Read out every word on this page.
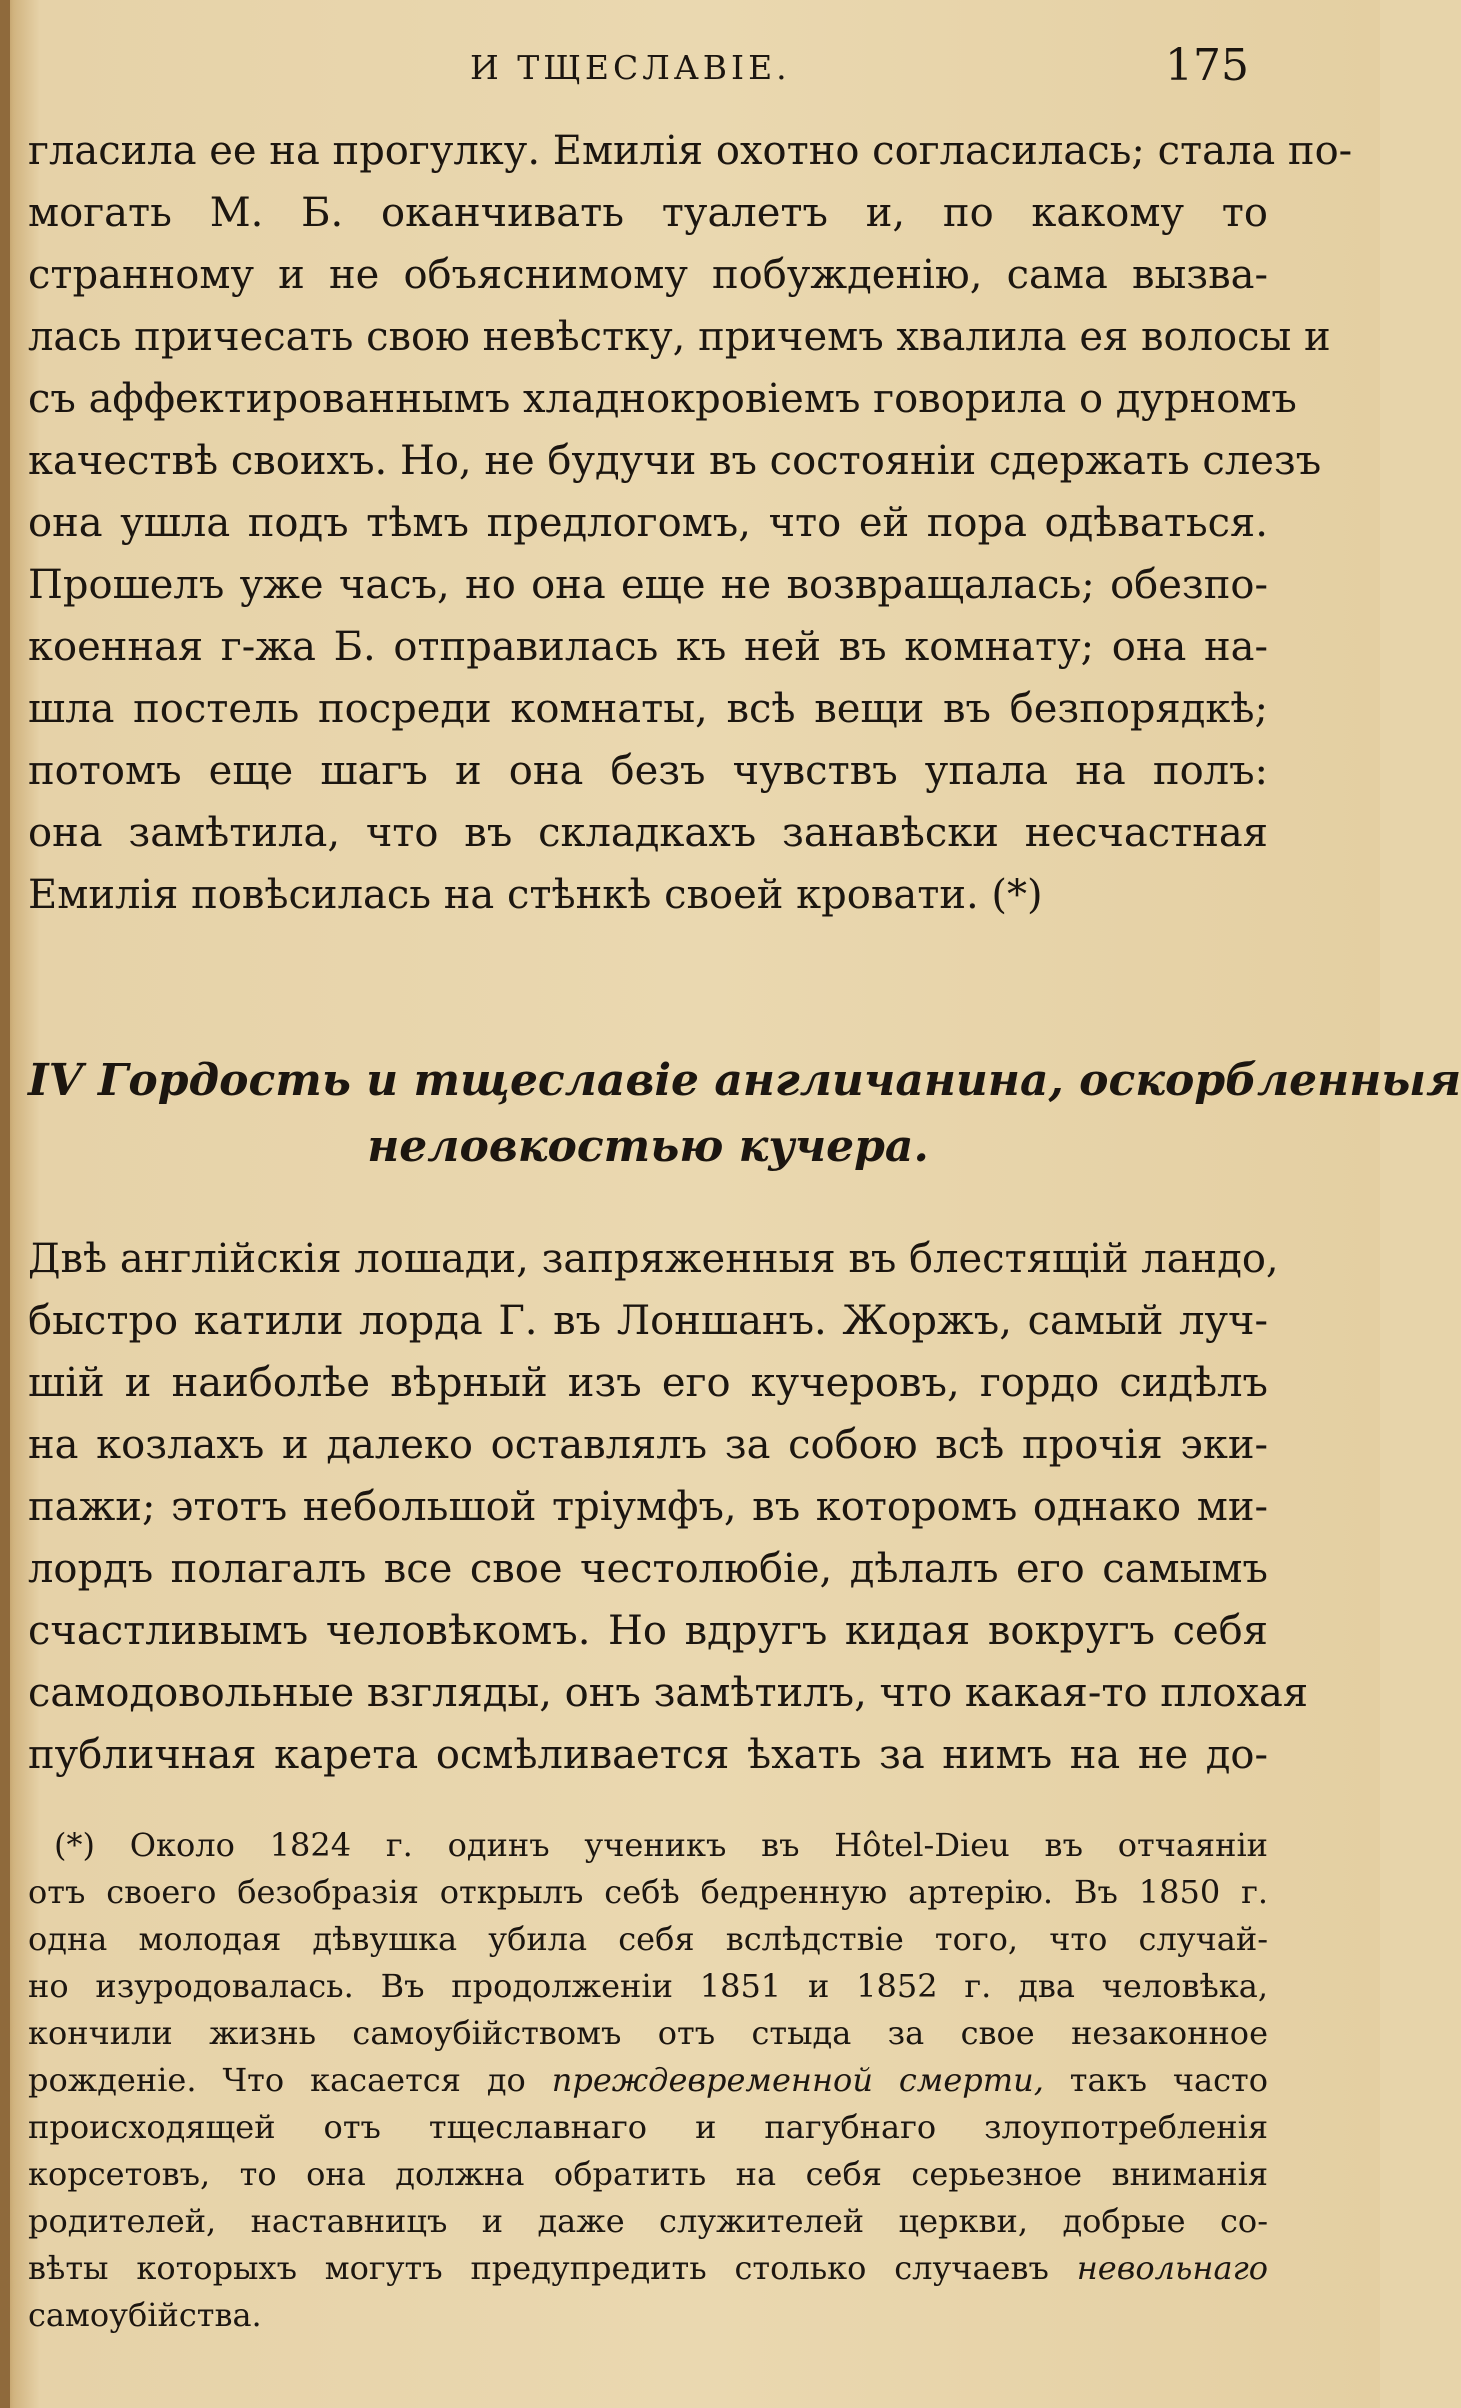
И ТЩЕСЛАВІЕ.	175
гласила ее на прогулку. Емилія охотно согласилась; стала по-
могать М. Б. оканчивать туалетъ и, по какому то
странному и не объяснимому побужденію, сама вызва-
лась причесать свою невѣстку, причемъ хвалила ея волосы и
съ аффектированнымъ хладнокровіемъ говорила о дурномъ
качествѣ своихъ. Но, не будучи въ состояніи сдержать слезъ
она ушла подъ тѣмъ предлогомъ, что ей пора одѣваться.
Прошелъ уже часъ, но она еще не возвращалась; обезпо-
коенная г-жа Б. отправилась къ ней въ комнату; она на-
шла постель посреди комнаты, всѣ вещи въ безпорядкѣ;
потомъ еще шагъ и она безъ чувствъ упала на полъ:
она замѣтила, что въ складкахъ занавѣски несчастная
Емилія повѣсилась на стѣнкѣ своей кровати. (*)
IV Гордость и тщеславіе англичанина, оскорбленныя
неловкостью кучера.
Двѣ англійскія лошади, запряженныя въ блестящій ландо,
быстро катили лорда Г. въ Лоншанъ. Жоржъ, самый луч-
шій и наиболѣе вѣрный изъ его кучеровъ, гордо сидѣлъ
на козлахъ и далеко оставлялъ за собою всѣ прочія эки-
пажи; этотъ небольшой тріумфъ, въ которомъ однако ми-
лордъ полагалъ все свое честолюбіе, дѣлалъ его самымъ
счастливымъ человѣкомъ. Но вдругъ кидая вокругъ себя
самодовольные взгляды, онъ замѣтилъ, что какая-то плохая
публичная карета осмѣливается ѣхать за нимъ на не до-
(*) Около 1824 г. одинъ ученикъ въ Hôtel-Dieu въ отчаяніи
отъ своего безобразія открылъ себѣ бедренную артерію. Въ 1850 г.
одна молодая дѣвушка убила себя вслѣдствіе того, что случай-
но изуродовалась. Въ продолженіи 1851 и 1852 г. два человѣка,
кончили жизнь самоубійствомъ отъ стыда за свое незаконное
рожденіе. Что касается до преждевременной смерти, такъ часто
происходящей отъ тщеславнаго и пагубнаго злоупотребленія
корсетовъ, то она должна обратить на себя серьезное вниманія
родителей, наставницъ и даже служителей церкви, добрые со-
вѣты которыхъ могутъ предупредить столько случаевъ невольнаго
самоубійства.
